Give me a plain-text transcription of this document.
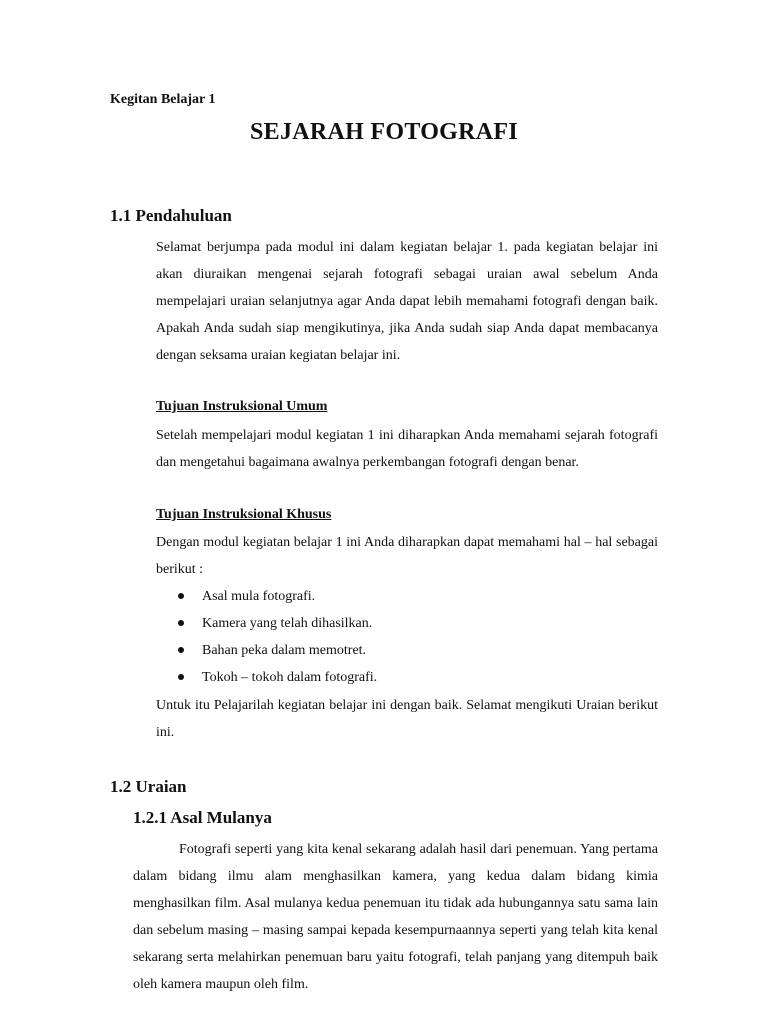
Kegitan Belajar 1

SEJARAH FOTOGRAFI
1.1 Pendahuluan

Selamat berjumpa pada modul ini dalam kegiatan belajar 1. pada kegiatan belajar ini akan diuraikan mengenai sejarah fotografi sebagai uraian awal sebelum Anda mempelajari uraian selanjutnya agar Anda dapat lebih memahami fotografi dengan baik. Apakah Anda sudah siap mengikutinya, jika Anda sudah siap Anda dapat membacanya dengan seksama uraian kegiatan belajar ini.

Tujuan Instruksional Umum

Setelah mempelajari modul kegiatan 1 ini diharapkan Anda memahami sejarah fotografi dan mengetahui bagaimana awalnya perkembangan fotografi dengan benar.

Tujuan Instruksional Khusus

Dengan modul kegiatan belajar 1 ini Anda diharapkan dapat memahami hal – hal sebagai berikut :

Asal mula fotografi.
Kamera yang telah dihasilkan.
Bahan peka dalam memotret.
Tokoh – tokoh dalam fotografi.

Untuk itu Pelajarilah kegiatan belajar ini dengan baik. Selamat mengikuti Uraian berikut ini.

1.2 Uraian
1.2.1 Asal Mulanya

Fotografi seperti yang kita kenal sekarang adalah hasil dari penemuan. Yang pertama dalam bidang ilmu alam menghasilkan kamera, yang kedua dalam bidang kimia menghasilkan film. Asal mulanya kedua penemuan itu tidak ada hubungannya satu sama lain dan sebelum masing – masing sampai kepada kesempurnaannya seperti yang telah kita kenal sekarang serta melahirkan penemuan baru yaitu fotografi, telah panjang yang ditempuh baik oleh kamera maupun oleh film.
